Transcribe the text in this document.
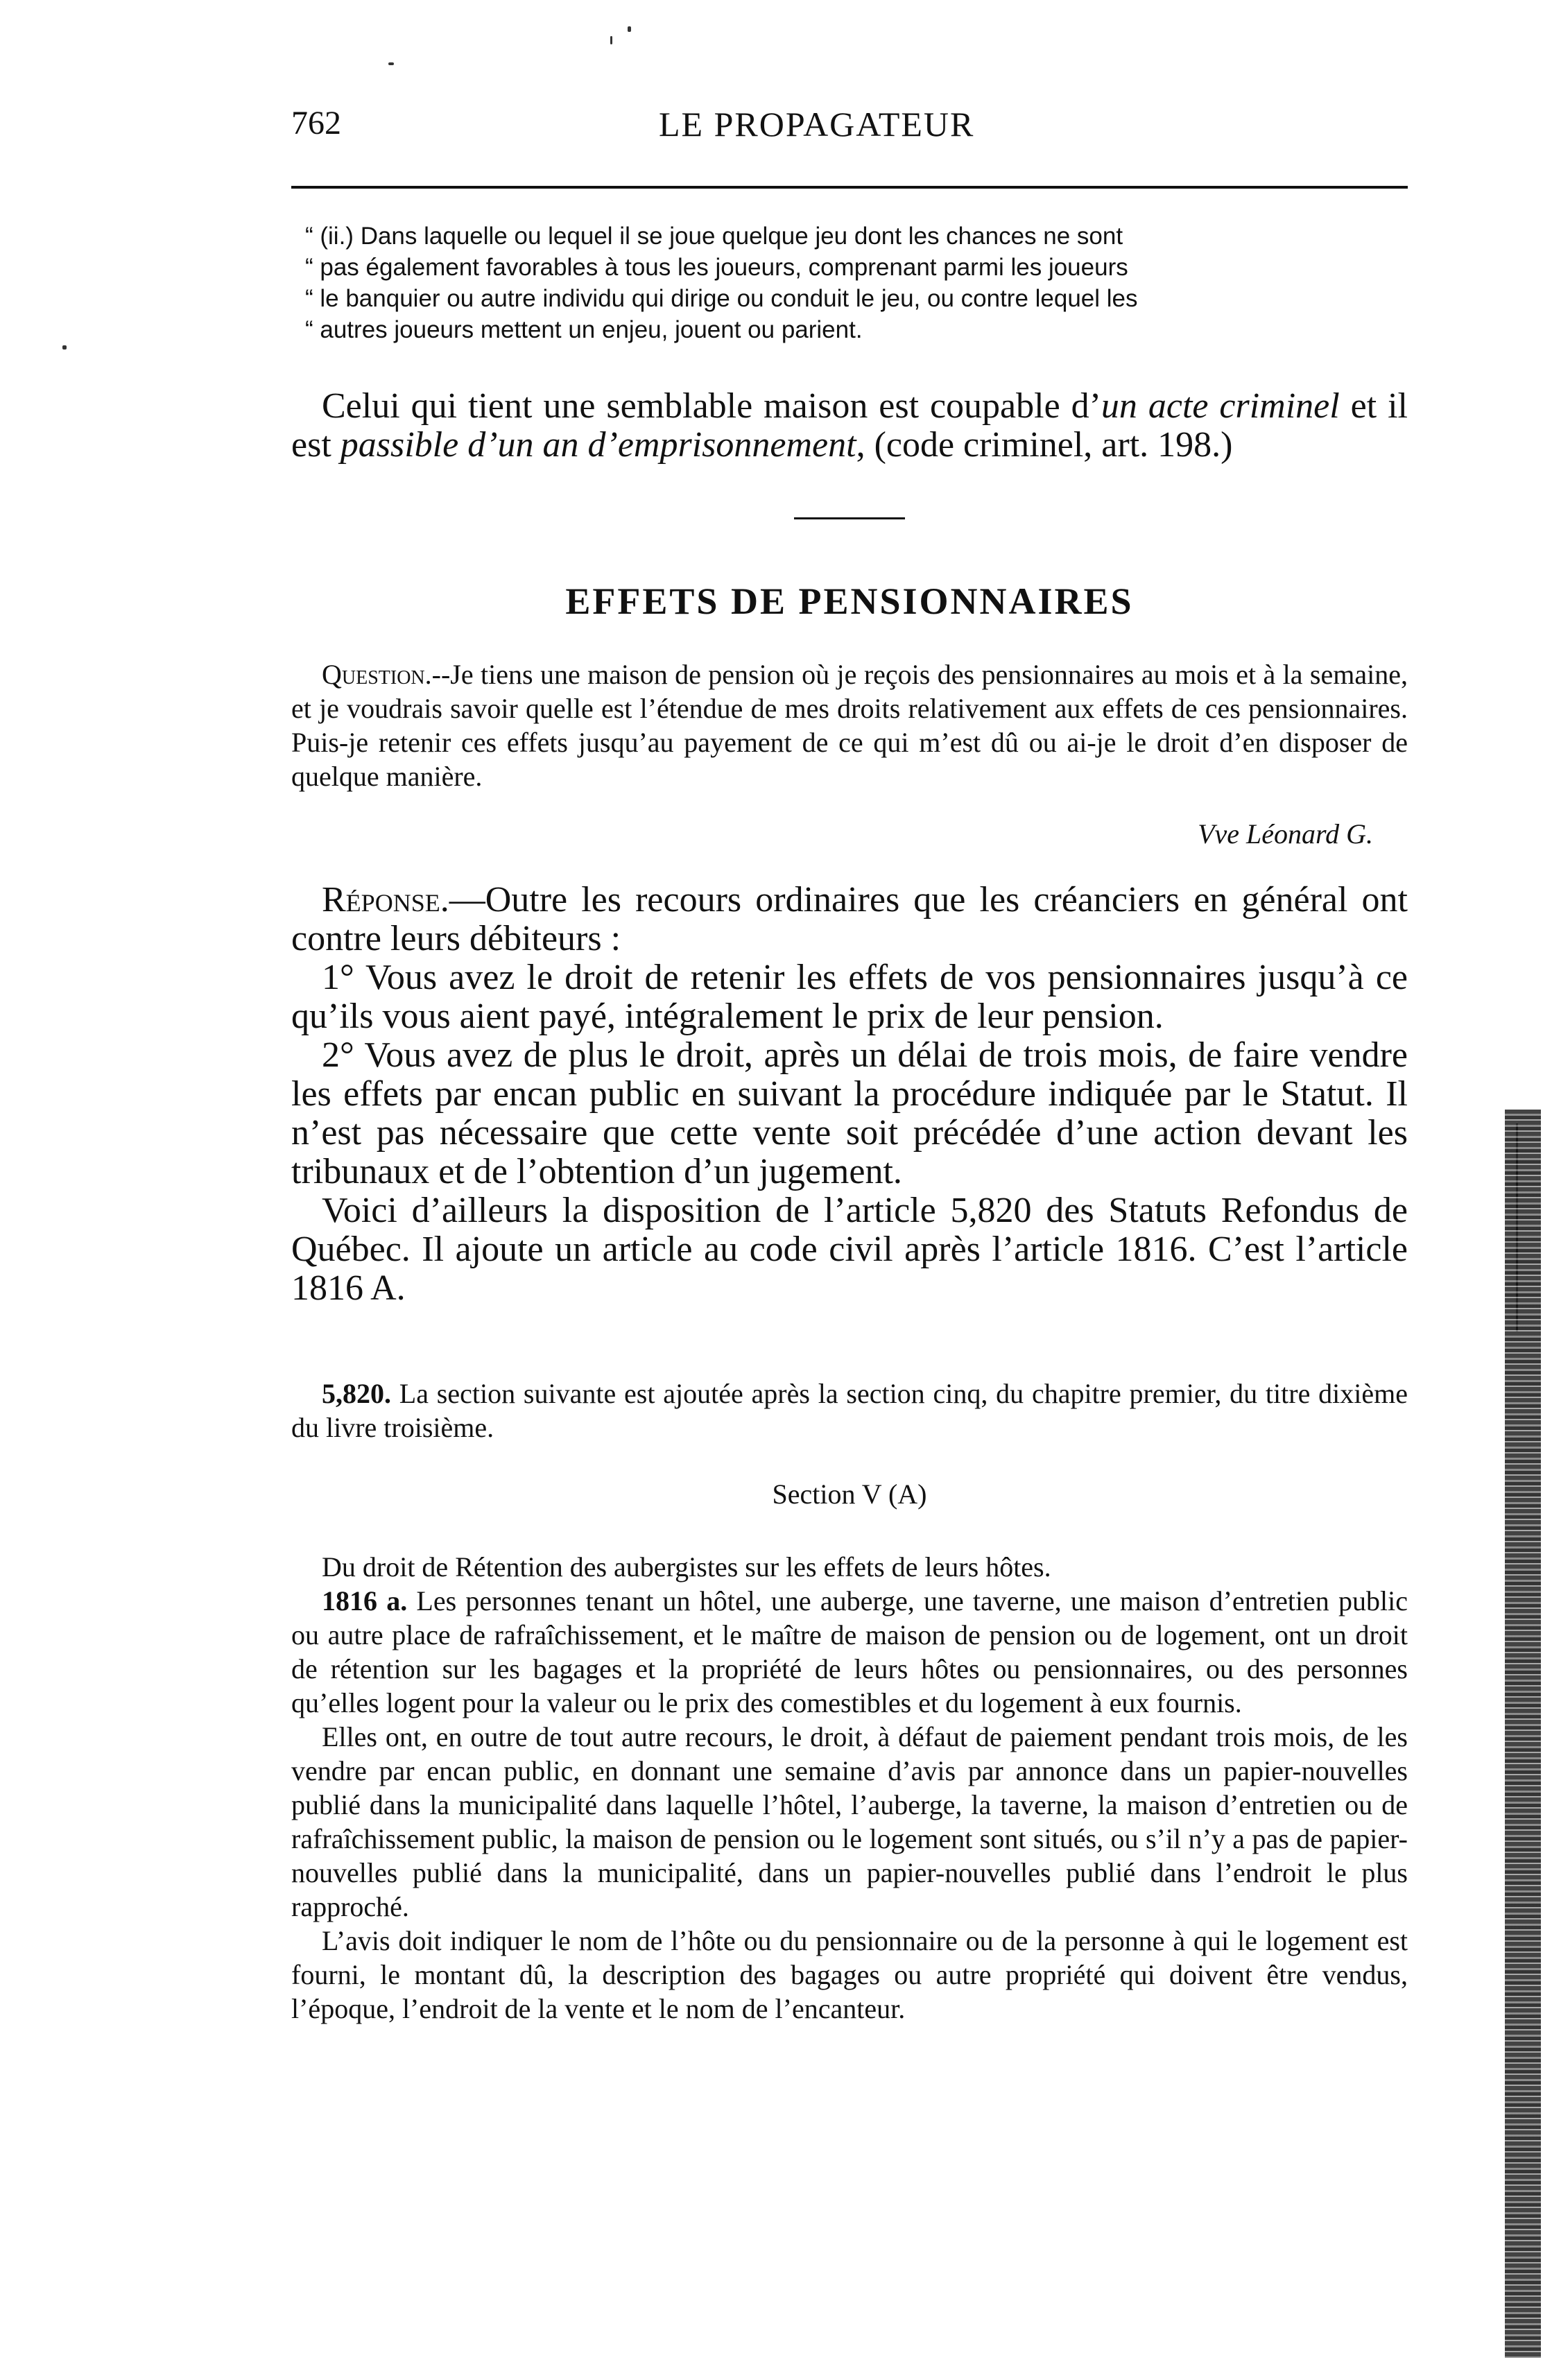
762	LE PROPAGATEUR
“ (ii.) Dans laquelle ou lequel il se joue quelque jeu dont les chances ne sont
“ pas également favorables à tous les joueurs, comprenant parmi les joueurs
“ le banquier ou autre individu qui dirige ou conduit le jeu, ou contre lequel les
“ autres joueurs mettent un enjeu, jouent ou parient.

Celui qui tient une semblable maison est coupable d’un acte criminel et il est passible d’un an d’emprisonnement, (code criminel, art. 198.)

EFFETS DE PENSIONNAIRES

Question.--Je tiens une maison de pension où je reçois des pensionnaires au mois et à la semaine, et je voudrais savoir quelle est l’étendue de mes droits relativement aux effets de ces pensionnaires. Puis-je retenir ces effets jusqu’au payement de ce qui m’est dû ou ai-je le droit d’en disposer de quelque manière.

Vve Léonard G.

Réponse.—Outre les recours ordinaires que les créanciers en général ont contre leurs débiteurs :

1° Vous avez le droit de retenir les effets de vos pensionnaires jusqu’à ce qu’ils vous aient payé, intégralement le prix de leur pension.

2° Vous avez de plus le droit, après un délai de trois mois, de faire vendre les effets par encan public en suivant la procédure indiquée par le Statut. Il n’est pas nécessaire que cette vente soit précédée d’une action devant les tribunaux et de l’obtention d’un jugement.

Voici d’ailleurs la disposition de l’article 5,820 des Statuts Refondus de Québec. Il ajoute un article au code civil après l’article 1816. C’est l’article 1816 A.

5,820. La section suivante est ajoutée après la section cinq, du chapitre premier, du titre dixième du livre troisième.

Section V (A)
Du droit de Rétention des aubergistes sur les effets de leurs hôtes.

1816 a. Les personnes tenant un hôtel, une auberge, une taverne, une maison d’entretien public ou autre place de rafraîchissement, et le maître de maison de pension ou de logement, ont un droit de rétention sur les bagages et la propriété de leurs hôtes ou pensionnaires, ou des personnes qu’elles logent pour la valeur ou le prix des comestibles et du logement à eux fournis.

Elles ont, en outre de tout autre recours, le droit, à défaut de paiement pendant trois mois, de les vendre par encan public, en donnant une semaine d’avis par annonce dans un papier-nouvelles publié dans la municipalité dans laquelle l’hôtel, l’auberge, la taverne, la maison d’entretien ou de rafraîchissement public, la maison de pension ou le logement sont situés, ou s’il n’y a pas de papier-nouvelles publié dans la municipalité, dans un papier-nouvelles publié dans l’endroit le plus rapproché.

L’avis doit indiquer le nom de l’hôte ou du pensionnaire ou de la personne à qui le logement est fourni, le montant dû, la description des bagages ou autre propriété qui doivent être vendus, l’époque, l’endroit de la vente et le nom de l’encanteur.
